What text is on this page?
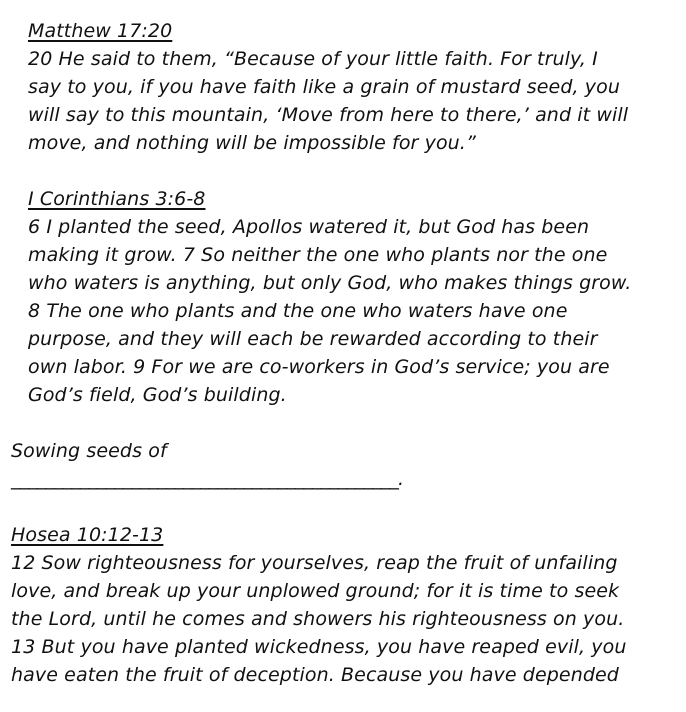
Matthew 17:20
20 He said to them, “Because of your little faith. For truly, I
say to you, if you have faith like a grain of mustard seed, you
will say to this mountain, ‘Move from here to there,’ and it will
move, and nothing will be impossible for you.”
I Corinthians 3:6-8
6 I planted the seed, Apollos watered it, but God has been
making it grow. 7 So neither the one who plants nor the one
who waters is anything, but only God, who makes things grow.
8 The one who plants and the one who waters have one
purpose, and they will each be rewarded according to their
own labor. 9 For we are co-workers in God’s service; you are
God’s field, God’s building.
Sowing seeds of
_____________________________________________.
Hosea 10:12-13
12 Sow righteousness for yourselves, reap the fruit of unfailing
love, and break up your unplowed ground; for it is time to seek
the Lord, until he comes and showers his righteousness on you.
13 But you have planted wickedness, you have reaped evil, you
have eaten the fruit of deception. Because you have depended
